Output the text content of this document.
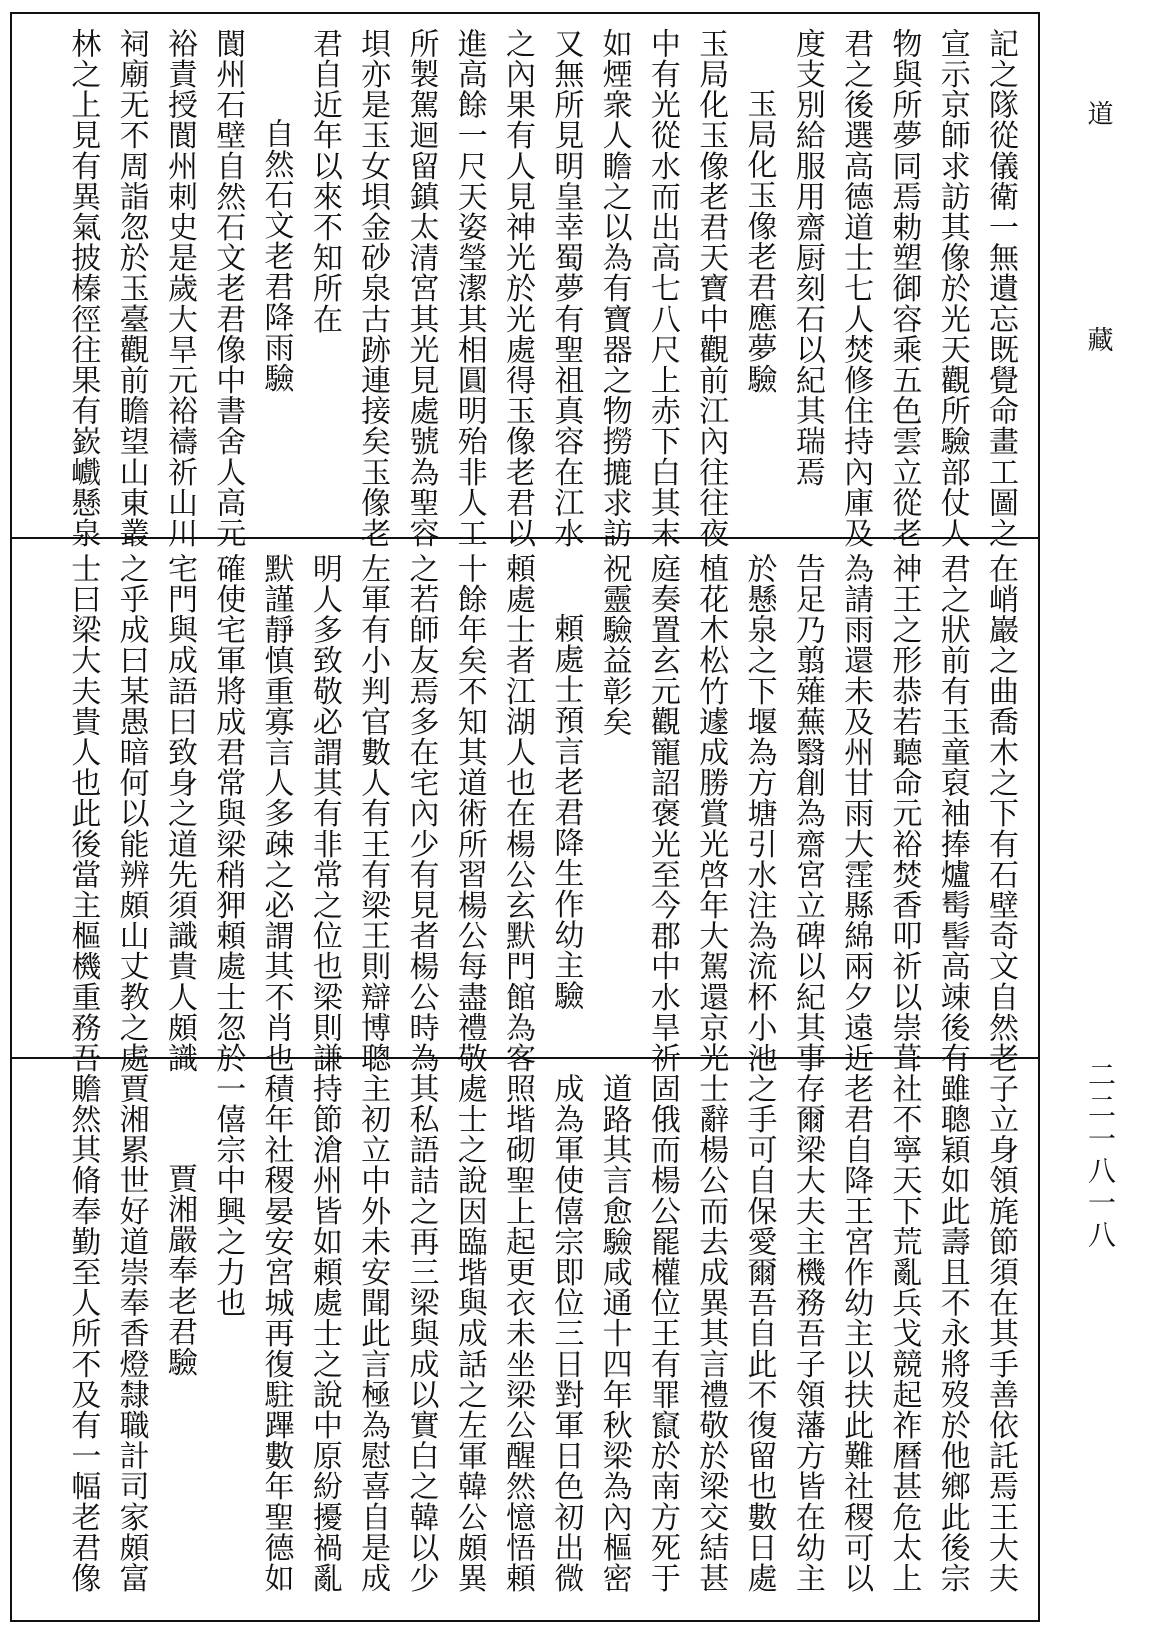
道藏
二二一八一八
記之隊從儀衛一無遺忘既覺命畫工圖之
宣示京師求訪其像於光天觀所驗部仗人
物與所夢同焉勅塑御容乘五色雲立從老
君之後選高德道士七人焚修住持內庫及
度支別給服用齋厨刻石以紀其瑞焉
玉局化玉像老君應夢驗
玉局化玉像老君天寶中觀前江內往往夜
中有光從水而出高七八尺上赤下白其末
如煙衆人瞻之以為有寶器之物撈摝求訪
又無所見明皇幸蜀夢有聖祖真容在江水
之內果有人見神光於光處得玉像老君以
進高餘一尺天姿瑩潔其相圓明殆非人工
所製駕迴留鎮太清宮其光見處號為聖容
垻亦是玉女垻金砂泉古跡連接矣玉像老
君自近年以來不知所在
自然石文老君降雨驗
閬州石壁自然石文老君像中書舍人高元
裕責授閬州刺史是歲大旱元裕禱祈山川
祠廟无不周詣忽於玉臺觀前瞻望山東叢
林之上見有異氣披榛徑往果有嶔巇懸泉
在峭巖之曲喬木之下有石壁奇文自然老
君之狀前有玉童裒袖捧爐髩髻高竦後有
神王之形恭若聽命元裕焚香叩祈以崇葺
為請雨還未及州甘雨大霔縣綿兩夕遠近
告足乃翦薙蕪翳創為齋宮立碑以紀其事
於懸泉之下堰為方塘引水注為流杯小池
植花木松竹遽成勝賞光啓年大駕還京光
庭奏置玄元觀寵詔褒光至今郡中水旱祈
祝靈驗益彰矣
頼處士預言老君降生作幼主驗
頼處士者江湖人也在楊公玄默門館為客
十餘年矣不知其道術所習楊公每盡禮敬
之若師友焉多在宅內少有見者楊公時為
左軍有小判官數人有王有梁王則辯博聰
明人多致敬必謂其有非常之位也梁則謙
默謹靜慎重寡言人多疎之必謂其不肖也
確使宅軍將成君常與梁稍狎頼處士忽於
宅門與成語曰致身之道先須識貴人頗識
之乎成曰某愚暗何以能辨頗山丈教之處
士曰梁大夫貴人也此後當主樞機重務吾
子立身領旄節須在其手善依託焉王大夫
雖聰穎如此壽且不永將歿於他鄉此後宗
社不寧天下荒亂兵戈競起祚曆甚危太上
老君自降王宮作幼主以扶此難社稷可以
存爾梁大夫主機務吾子領藩方皆在幼主
之手可自保愛爾吾自此不復留也數日處
士辭楊公而去成異其言禮敬於梁交結甚
固俄而楊公罷權位王有罪竄於南方死于
道路其言愈驗咸通十四年秋梁為內樞密
成為軍使僖宗即位三日對軍日色初出微
照堦砌聖上起更衣未坐梁公醒然憶悟頼
處士之說因臨堦與成話之左軍韓公頗異
其私語詰之再三梁與成以實白之韓以少
主初立中外未安聞此言極為慰喜自是成
持節滄州皆如頼處士之說中原紛擾禍亂
積年社稷晏安宮城再復駐蹕數年聖德如
一僖宗中興之力也
賈湘嚴奉老君驗
賈湘累世好道崇奉香燈隸職計司家頗富
贍然其脩奉勤至人所不及有一幅老君像
